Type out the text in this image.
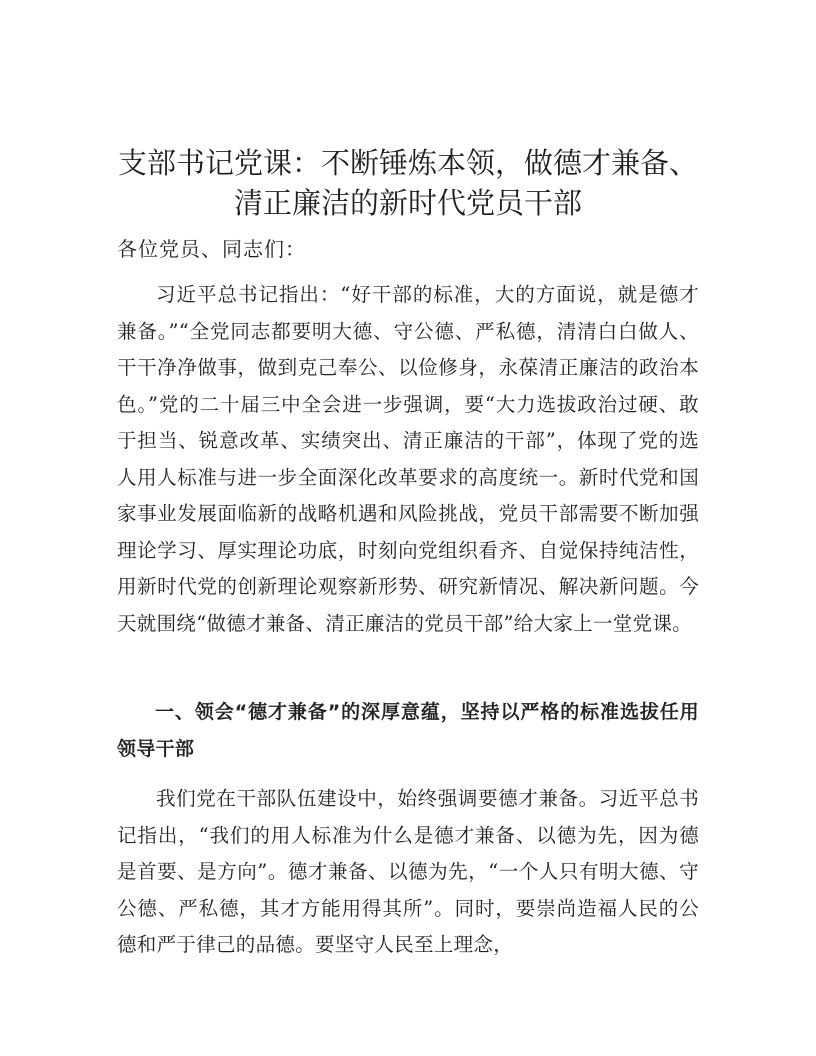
支部书记党课：不断锤炼本领，做德才兼备、
清正廉洁的新时代党员干部

各位党员、同志们：

习近平总书记指出：“好干部的标准，大的方面说，就是德才兼备。”“全党同志都要明大德、守公德、严私德，清清白白做人、干干净净做事，做到克己奉公、以俭修身，永葆清正廉洁的政治本色。”党的二十届三中全会进一步强调，要“大力选拔政治过硬、敢于担当、锐意改革、实绩突出、清正廉洁的干部”，体现了党的选人用人标准与进一步全面深化改革要求的高度统一。新时代党和国家事业发展面临新的战略机遇和风险挑战，党员干部需要不断加强理论学习、厚实理论功底，时刻向党组织看齐、自觉保持纯洁性，用新时代党的创新理论观察新形势、研究新情况、解决新问题。今天就围绕“做德才兼备、清正廉洁的党员干部”给大家上一堂党课。

一、领会“德才兼备”的深厚意蕴，坚持以严格的标准选拔任用领导干部

我们党在干部队伍建设中，始终强调要德才兼备。习近平总书记指出，“我们的用人标准为什么是德才兼备、以德为先，因为德是首要、是方向”。德才兼备、以德为先，“一个人只有明大德、守公德、严私德，其才方能用得其所”。同时，要崇尚造福人民的公德和严于律己的品德。要坚守人民至上理念，
